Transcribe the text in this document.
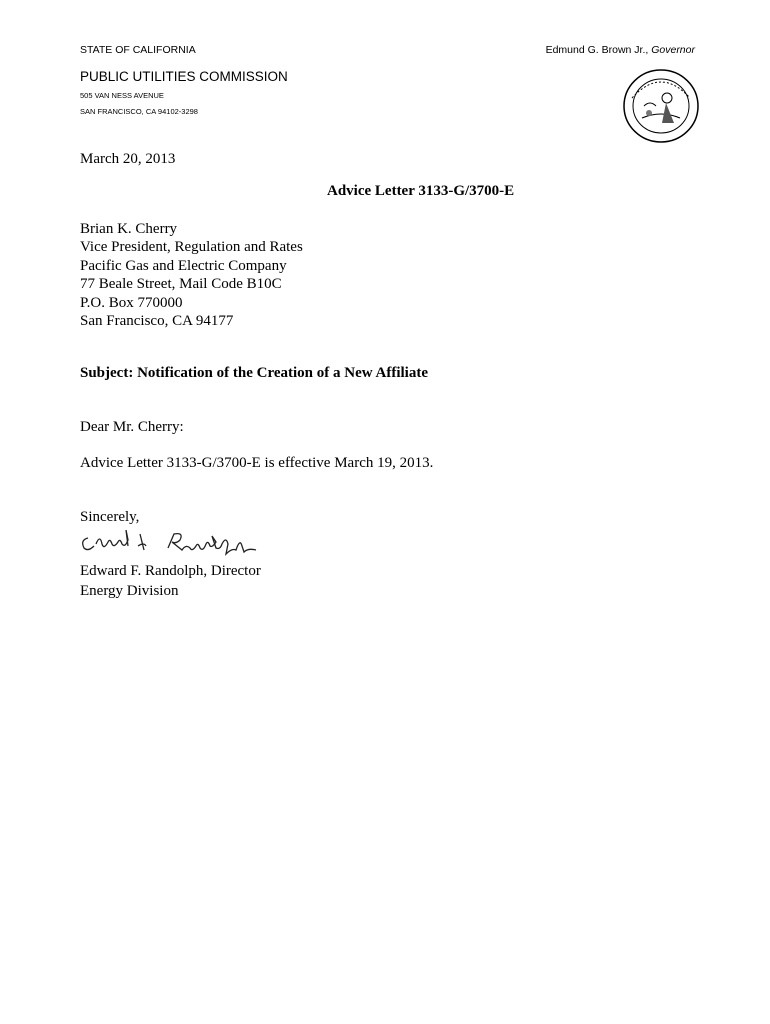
STATE OF CALIFORNIA	Edmund G. Brown Jr., Governor
PUBLIC UTILITIES COMMISSION
505 VAN NESS AVENUE
SAN FRANCISCO, CA 94102-3298
March 20, 2013
Advice Letter 3133-G/3700-E
Brian K. Cherry
Vice President, Regulation and Rates
Pacific Gas and Electric Company
77 Beale Street, Mail Code B10C
P.O. Box 770000
San Francisco, CA 94177
Subject: Notification of the Creation of a New Affiliate
Dear Mr. Cherry:
Advice Letter 3133-G/3700-E is effective March 19, 2013.
Sincerely,
Edward F. Randolph, Director
Energy Division
